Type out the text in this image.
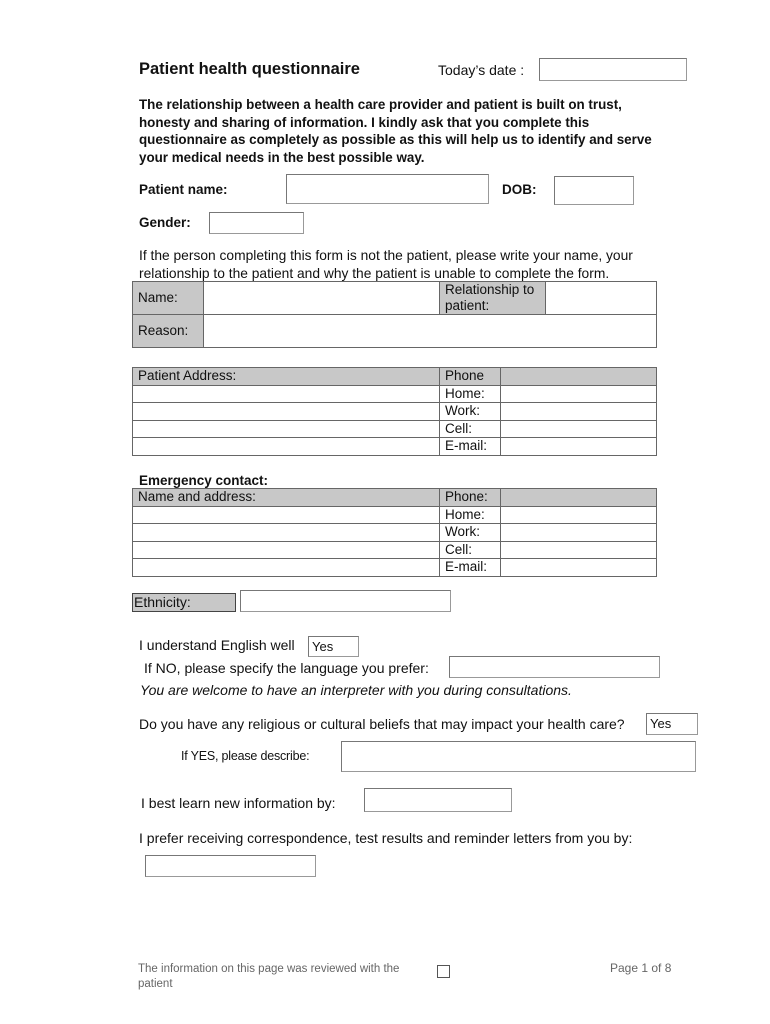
Patient health questionnaire	Today’s date :
The relationship between a health care provider and patient is built on trust, honesty and sharing of information. I kindly ask that you complete this questionnaire as completely as possible as this will help us to identify and serve your medical needs in the best possible way.
Patient name:	DOB:
Gender:
If the person completing this form is not the patient, please write your name, your relationship to the patient and why the patient is unable to complete the form.
Name:		Relationship to patient:	
Reason:			
Patient Address:	Phone	
	Home:	
	Work:	
	Cell:	
	E-mail:	
Emergency contact:
Name and address:	Phone:	
	Home:	
	Work:	
	Cell:	
	E-mail:	
Ethnicity:
I understand English well	Yes
If NO, please specify the language you prefer:
You are welcome to have an interpreter with you during consultations.
Do you have any religious or cultural beliefs that may impact your health care?	Yes
If YES, please describe:
I best learn new information by:
I prefer receiving correspondence, test results and reminder letters from you by:
The information on this page was reviewed with the patient
Page 1 of 8
